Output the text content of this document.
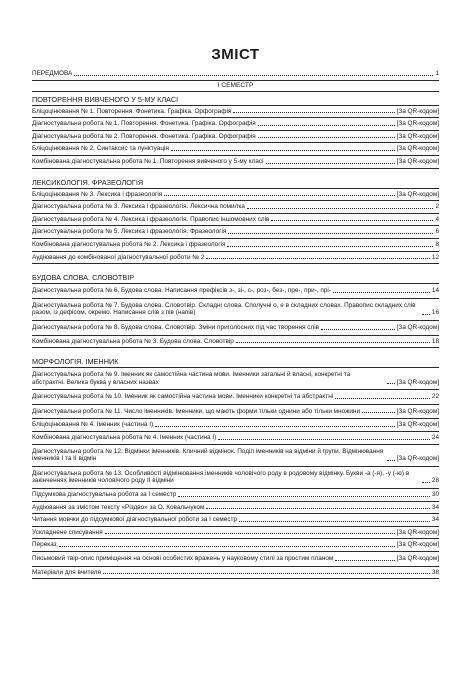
ЗМІСТ
ПЕРЕДМОВА	1
I СЕМЕСТР
ПОВТОРЕННЯ ВИВЧЕНОГО У 5-МУ КЛАСІ
Бліцоцінювання № 1. Повторення. Фонетика. Графіка. Орфографія	[За QR-кодом]
Діагностувальна робота № 1. Повторення. Фонетика. Графіка. Орфографія	[За QR-кодом]
Діагностувальна робота № 2. Повторення. Фонетика. Графіка. Орфографія	[За QR-кодом]
Бліцоцінювання № 2. Синтаксис та пунктуація	[За QR-кодом]
Комбінована діагностувальна робота № 1. Повторення вивченого у 5-му класі	[За QR-кодом]
ЛЕКСИКОЛОГІЯ. ФРАЗЕОЛОГІЯ
Бліцоцінювання № 3. Лексика і фразеологія	[За QR-кодом]
Діагностувальна робота № 3. Лексика і фразеологія. Лексична помилка	2
Діагностувальна робота № 4. Лексика і фразеологія. Правопис іншомовних слів	4
Діагностувальна робота № 5. Лексика і фразеологія. Фразеологія	6
Комбінована діагностувальна робота № 2. Лексика і фразеологія	8
Аудіювання до комбінованої діагностувальної роботи № 2	12
БУДОВА СЛОВА. СЛОВОТВІР
Діагностувальна робота № 6. Будова слова. Написання префіксів з-, зі-, с-, роз-, без-, пре-, при-, прі-	14
Діагностувальна робота № 7. Будова слова. Словотвір. Складні слова. Сполучні о, е в складних словах. Правопис складних слів разом, із дефісом, окремо. Написання слів з пів (напів)	16
Діагностувальна робота № 8. Будова слова. Словотвір. Зміни приголосних під час творення слів	[За QR-кодом]
Комбінована діагностувальна робота № 3. Будова слова. Словотвір	18
МОРФОЛОГІЯ. ІМЕННИК
Діагностувальна робота № 9. Іменник як самостійна частина мови. Іменники загальні й власні, конкретні та абстрактні. Велика буква у власних назвах	[За QR-кодом]
Діагностувальна робота № 10. Іменник як самостійна частина мови. Іменники конкретні та абстрактні	22
Діагностувальна робота № 11. Число іменників. Іменники, що мають форми тільки однини або тільки множини	[За QR-кодом]
Бліцоцінювання № 4. Іменник (частина І)	[За QR-кодом]
Комбінована діагностувальна робота № 4. Іменник (частина І)	24
Діагностувальна робота № 12. Відмінки іменників. Кличний відмінок. Поділ іменників на відміни й групи. Відмінювання іменників І та ІІ відмін	[За QR-кодом]
Діагностувальна робота № 13. Особливості відмінювання іменників чоловічого роду в родовому відмінку. Букви -а (-я), -у (-ю) в закінченнях іменників чоловічого роду ІІ відміни	28
Підсумкова діагностувальна робота за І семестр	30
Аудіювання за змістом тексту «Різдво» за О. Ковальчуком	34
Читання мовчки до підсумкової діагностувальної роботи за І семестр	34
Ускладнене списування	[За QR-кодом]
Переказ	[За QR-кодом]
Письмовий твір-опис приміщення на основі особистих вражень у науковому стилі за простим планом	[За QR-кодом]
Матеріали для вчителя	38
